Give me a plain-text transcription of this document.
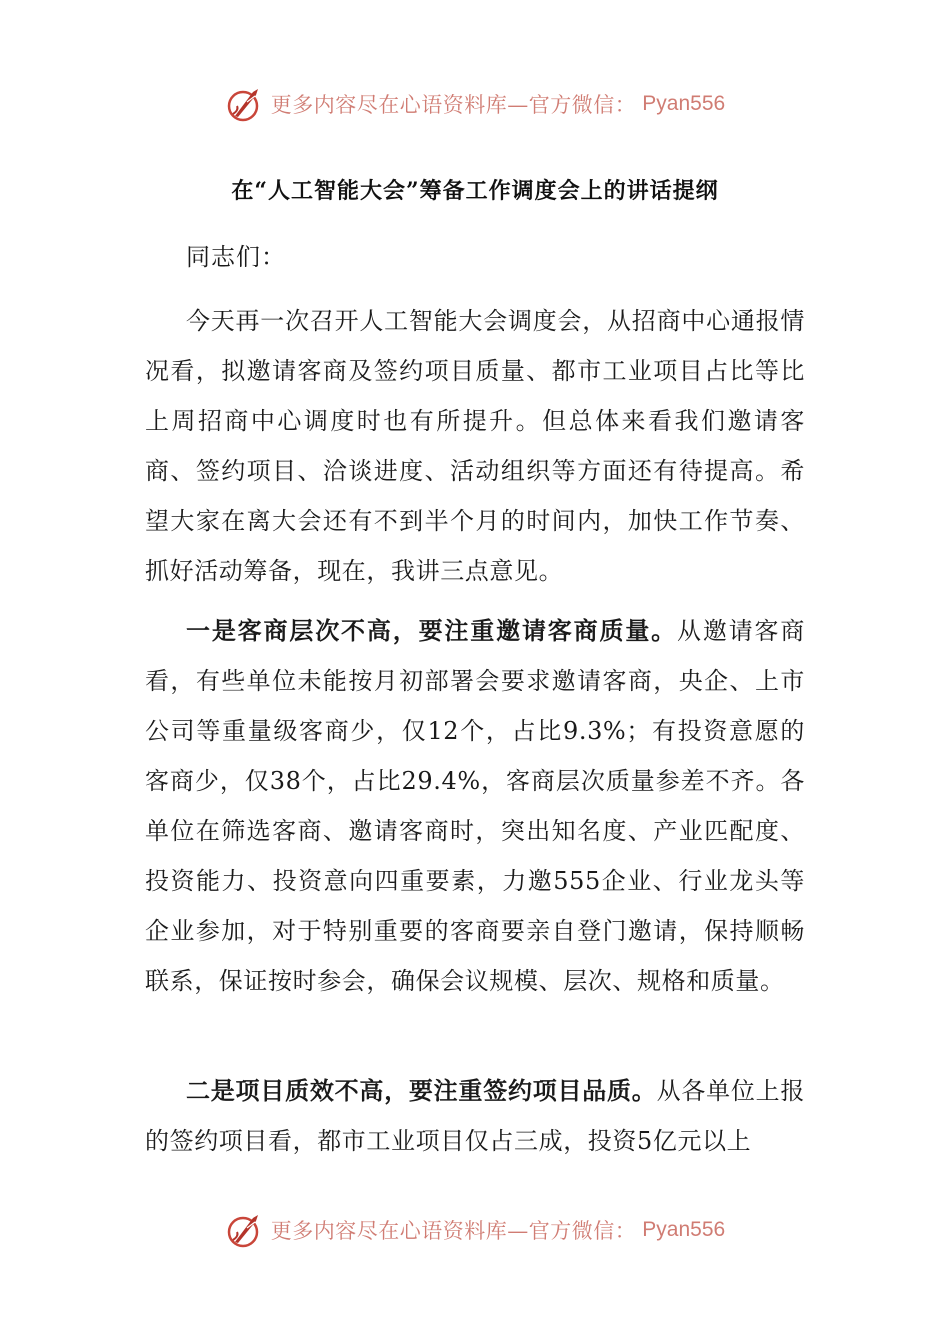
更多内容尽在心语资料库—官方微信： Pyan556
在“人工智能大会”筹备工作调度会上的讲话提纲

同志们：

今天再一次召开人工智能大会调度会，从招商中心通报情况看，拟邀请客商及签约项目质量、都市工业项目占比等比上周招商中心调度时也有所提升。但总体来看我们邀请客商、签约项目、洽谈进度、活动组织等方面还有待提高。希望大家在离大会还有不到半个月的时间内，加快工作节奏、抓好活动筹备，现在，我讲三点意见。

一是客商层次不高，要注重邀请客商质量。从邀请客商看，有些单位未能按月初部署会要求邀请客商，央企、上市公司等重量级客商少，仅12个，占比9.3%；有投资意愿的客商少，仅38个，占比29.4%，客商层次质量参差不齐。各单位在筛选客商、邀请客商时，突出知名度、产业匹配度、投资能力、投资意向四重要素，力邀555企业、行业龙头等企业参加，对于特别重要的客商要亲自登门邀请，保持顺畅联系，保证按时参会，确保会议规模、层次、规格和质量。

二是项目质效不高，要注重签约项目品质。从各单位上报的签约项目看，都市工业项目仅占三成，投资5亿元以上

更多内容尽在心语资料库—官方微信： Pyan556
